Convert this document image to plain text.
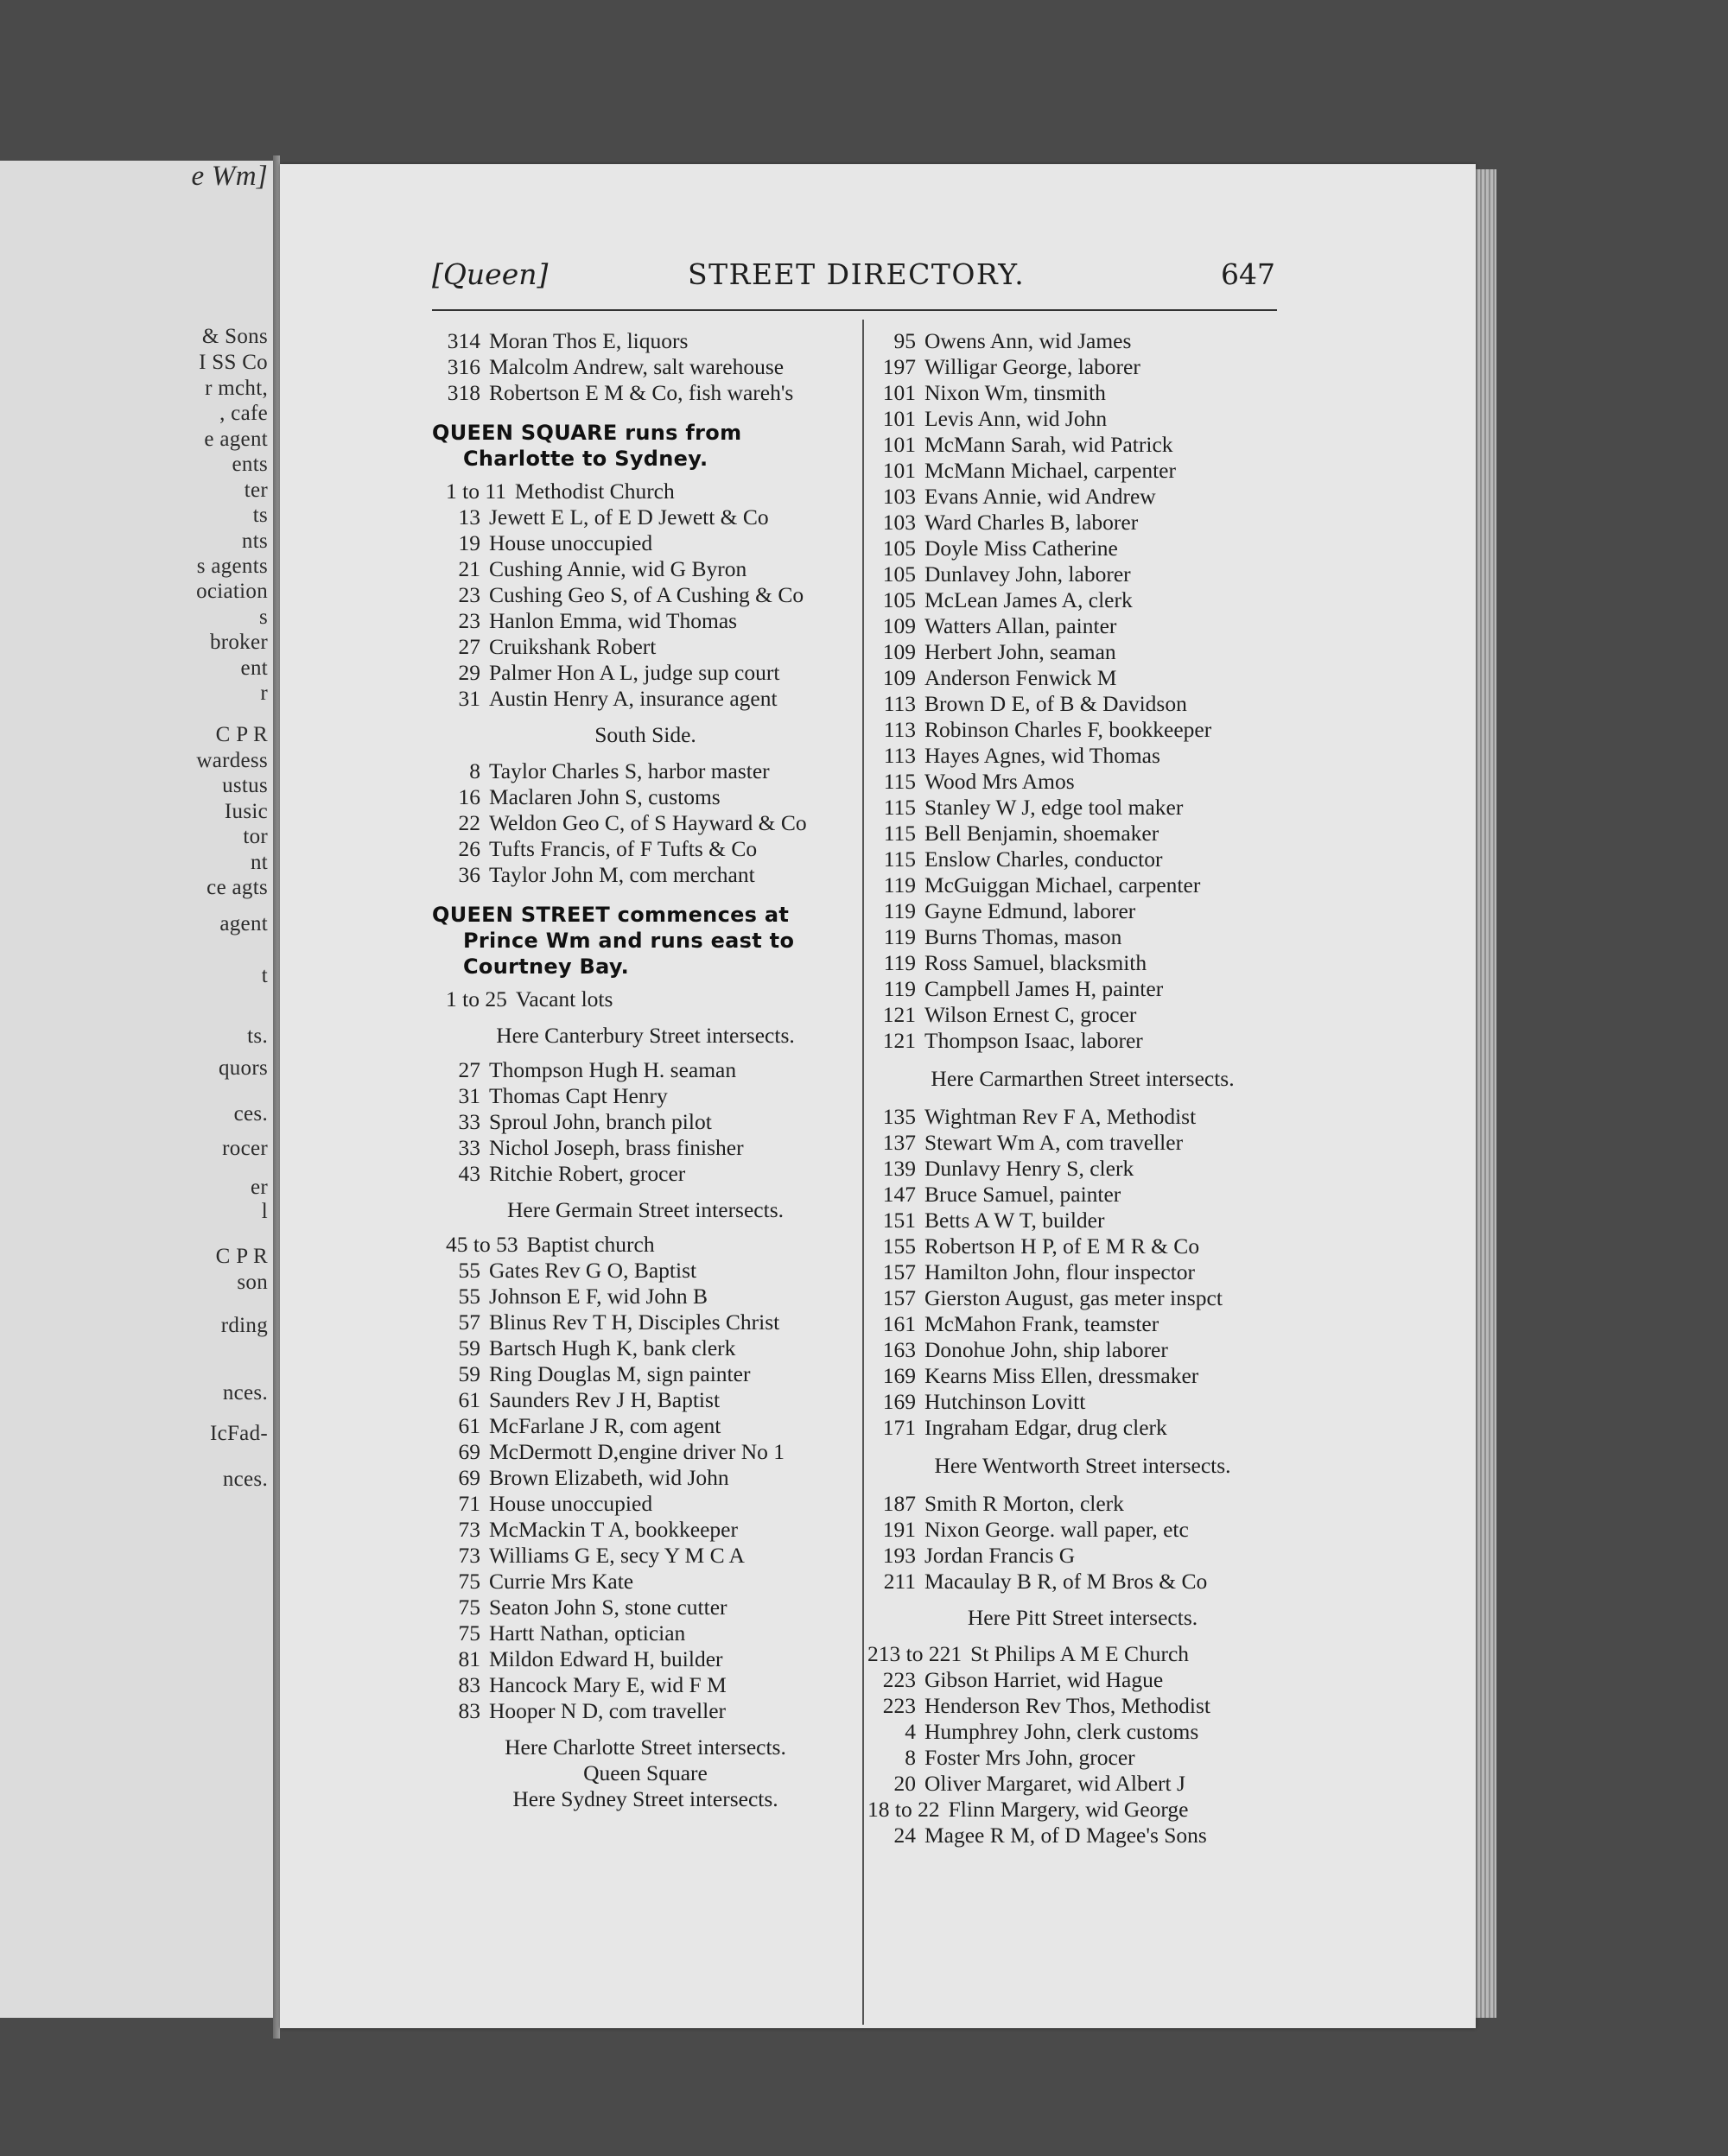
e Wm]
& Sons
I SS Co
r mcht,
, cafe
e agent
ents
ter
ts
nts
s agents
ociation
s
broker
ent
r
C P R
wardess
ustus
Iusic
tor
nt
ce agts
agent
t
ts.
quors
ces.
rocer
er
l
C P R
son
rding
nces.
IcFad-
nces.
[Queen]	STREET DIRECTORY.	647
314 Moran Thos E, liquors
316 Malcolm Andrew, salt warehouse
318 Robertson E M & Co, fish wareh's
QUEEN SQUARE runs from
Charlotte to Sydney.
1 to 11 Methodist Church
13 Jewett E L, of E D Jewett & Co
19 House unoccupied
21 Cushing Annie, wid G Byron
23 Cushing Geo S, of A Cushing & Co
23 Hanlon Emma, wid Thomas
27 Cruikshank Robert
29 Palmer Hon A L, judge sup court
31 Austin Henry A, insurance agent
South Side.
8 Taylor Charles S, harbor master
16 Maclaren John S, customs
22 Weldon Geo C, of S Hayward & Co
26 Tufts Francis, of F Tufts & Co
36 Taylor John M, com merchant
QUEEN STREET commences at
Prince Wm and runs east to
Courtney Bay.
1 to 25 Vacant lots
Here Canterbury Street intersects.
27 Thompson Hugh H. seaman
31 Thomas Capt Henry
33 Sproul John, branch pilot
33 Nichol Joseph, brass finisher
43 Ritchie Robert, grocer
Here Germain Street intersects.
45 to 53 Baptist church
55 Gates Rev G O, Baptist
55 Johnson E F, wid John B
57 Blinus Rev T H, Disciples Christ
59 Bartsch Hugh K, bank clerk
59 Ring Douglas M, sign painter
61 Saunders Rev J H, Baptist
61 McFarlane J R, com agent
69 McDermott D,engine driver No 1
69 Brown Elizabeth, wid John
71 House unoccupied
73 McMackin T A, bookkeeper
73 Williams G E, secy Y M C A
75 Currie Mrs Kate
75 Seaton John S, stone cutter
75 Hartt Nathan, optician
81 Mildon Edward H, builder
83 Hancock Mary E, wid F M
83 Hooper N D, com traveller
Here Charlotte Street intersects.
Queen Square
Here Sydney Street intersects.
95 Owens Ann, wid James
197 Willigar George, laborer
101 Nixon Wm, tinsmith
101 Levis Ann, wid John
101 McMann Sarah, wid Patrick
101 McMann Michael, carpenter
103 Evans Annie, wid Andrew
103 Ward Charles B, laborer
105 Doyle Miss Catherine
105 Dunlavey John, laborer
105 McLean James A, clerk
109 Watters Allan, painter
109 Herbert John, seaman
109 Anderson Fenwick M
113 Brown D E, of B & Davidson
113 Robinson Charles F, bookkeeper
113 Hayes Agnes, wid Thomas
115 Wood Mrs Amos
115 Stanley W J, edge tool maker
115 Bell Benjamin, shoemaker
115 Enslow Charles, conductor
119 McGuiggan Michael, carpenter
119 Gayne Edmund, laborer
119 Burns Thomas, mason
119 Ross Samuel, blacksmith
119 Campbell James H, painter
121 Wilson Ernest C, grocer
121 Thompson Isaac, laborer
Here Carmarthen Street intersects.
135 Wightman Rev F A, Methodist
137 Stewart Wm A, com traveller
139 Dunlavy Henry S, clerk
147 Bruce Samuel, painter
151 Betts A W T, builder
155 Robertson H P, of E M R & Co
157 Hamilton John, flour inspector
157 Gierston August, gas meter inspct
161 McMahon Frank, teamster
163 Donohue John, ship laborer
169 Kearns Miss Ellen, dressmaker
169 Hutchinson Lovitt
171 Ingraham Edgar, drug clerk
Here Wentworth Street intersects.
187 Smith R Morton, clerk
191 Nixon George. wall paper, etc
193 Jordan Francis G
211 Macaulay B R, of M Bros & Co
Here Pitt Street intersects.
213 to 221 St Philips A M E Church
223 Gibson Harriet, wid Hague
223 Henderson Rev Thos, Methodist
4 Humphrey John, clerk customs
8 Foster Mrs John, grocer
20 Oliver Margaret, wid Albert J
18 to 22 Flinn Margery, wid George
24 Magee R M, of D Magee's Sons
